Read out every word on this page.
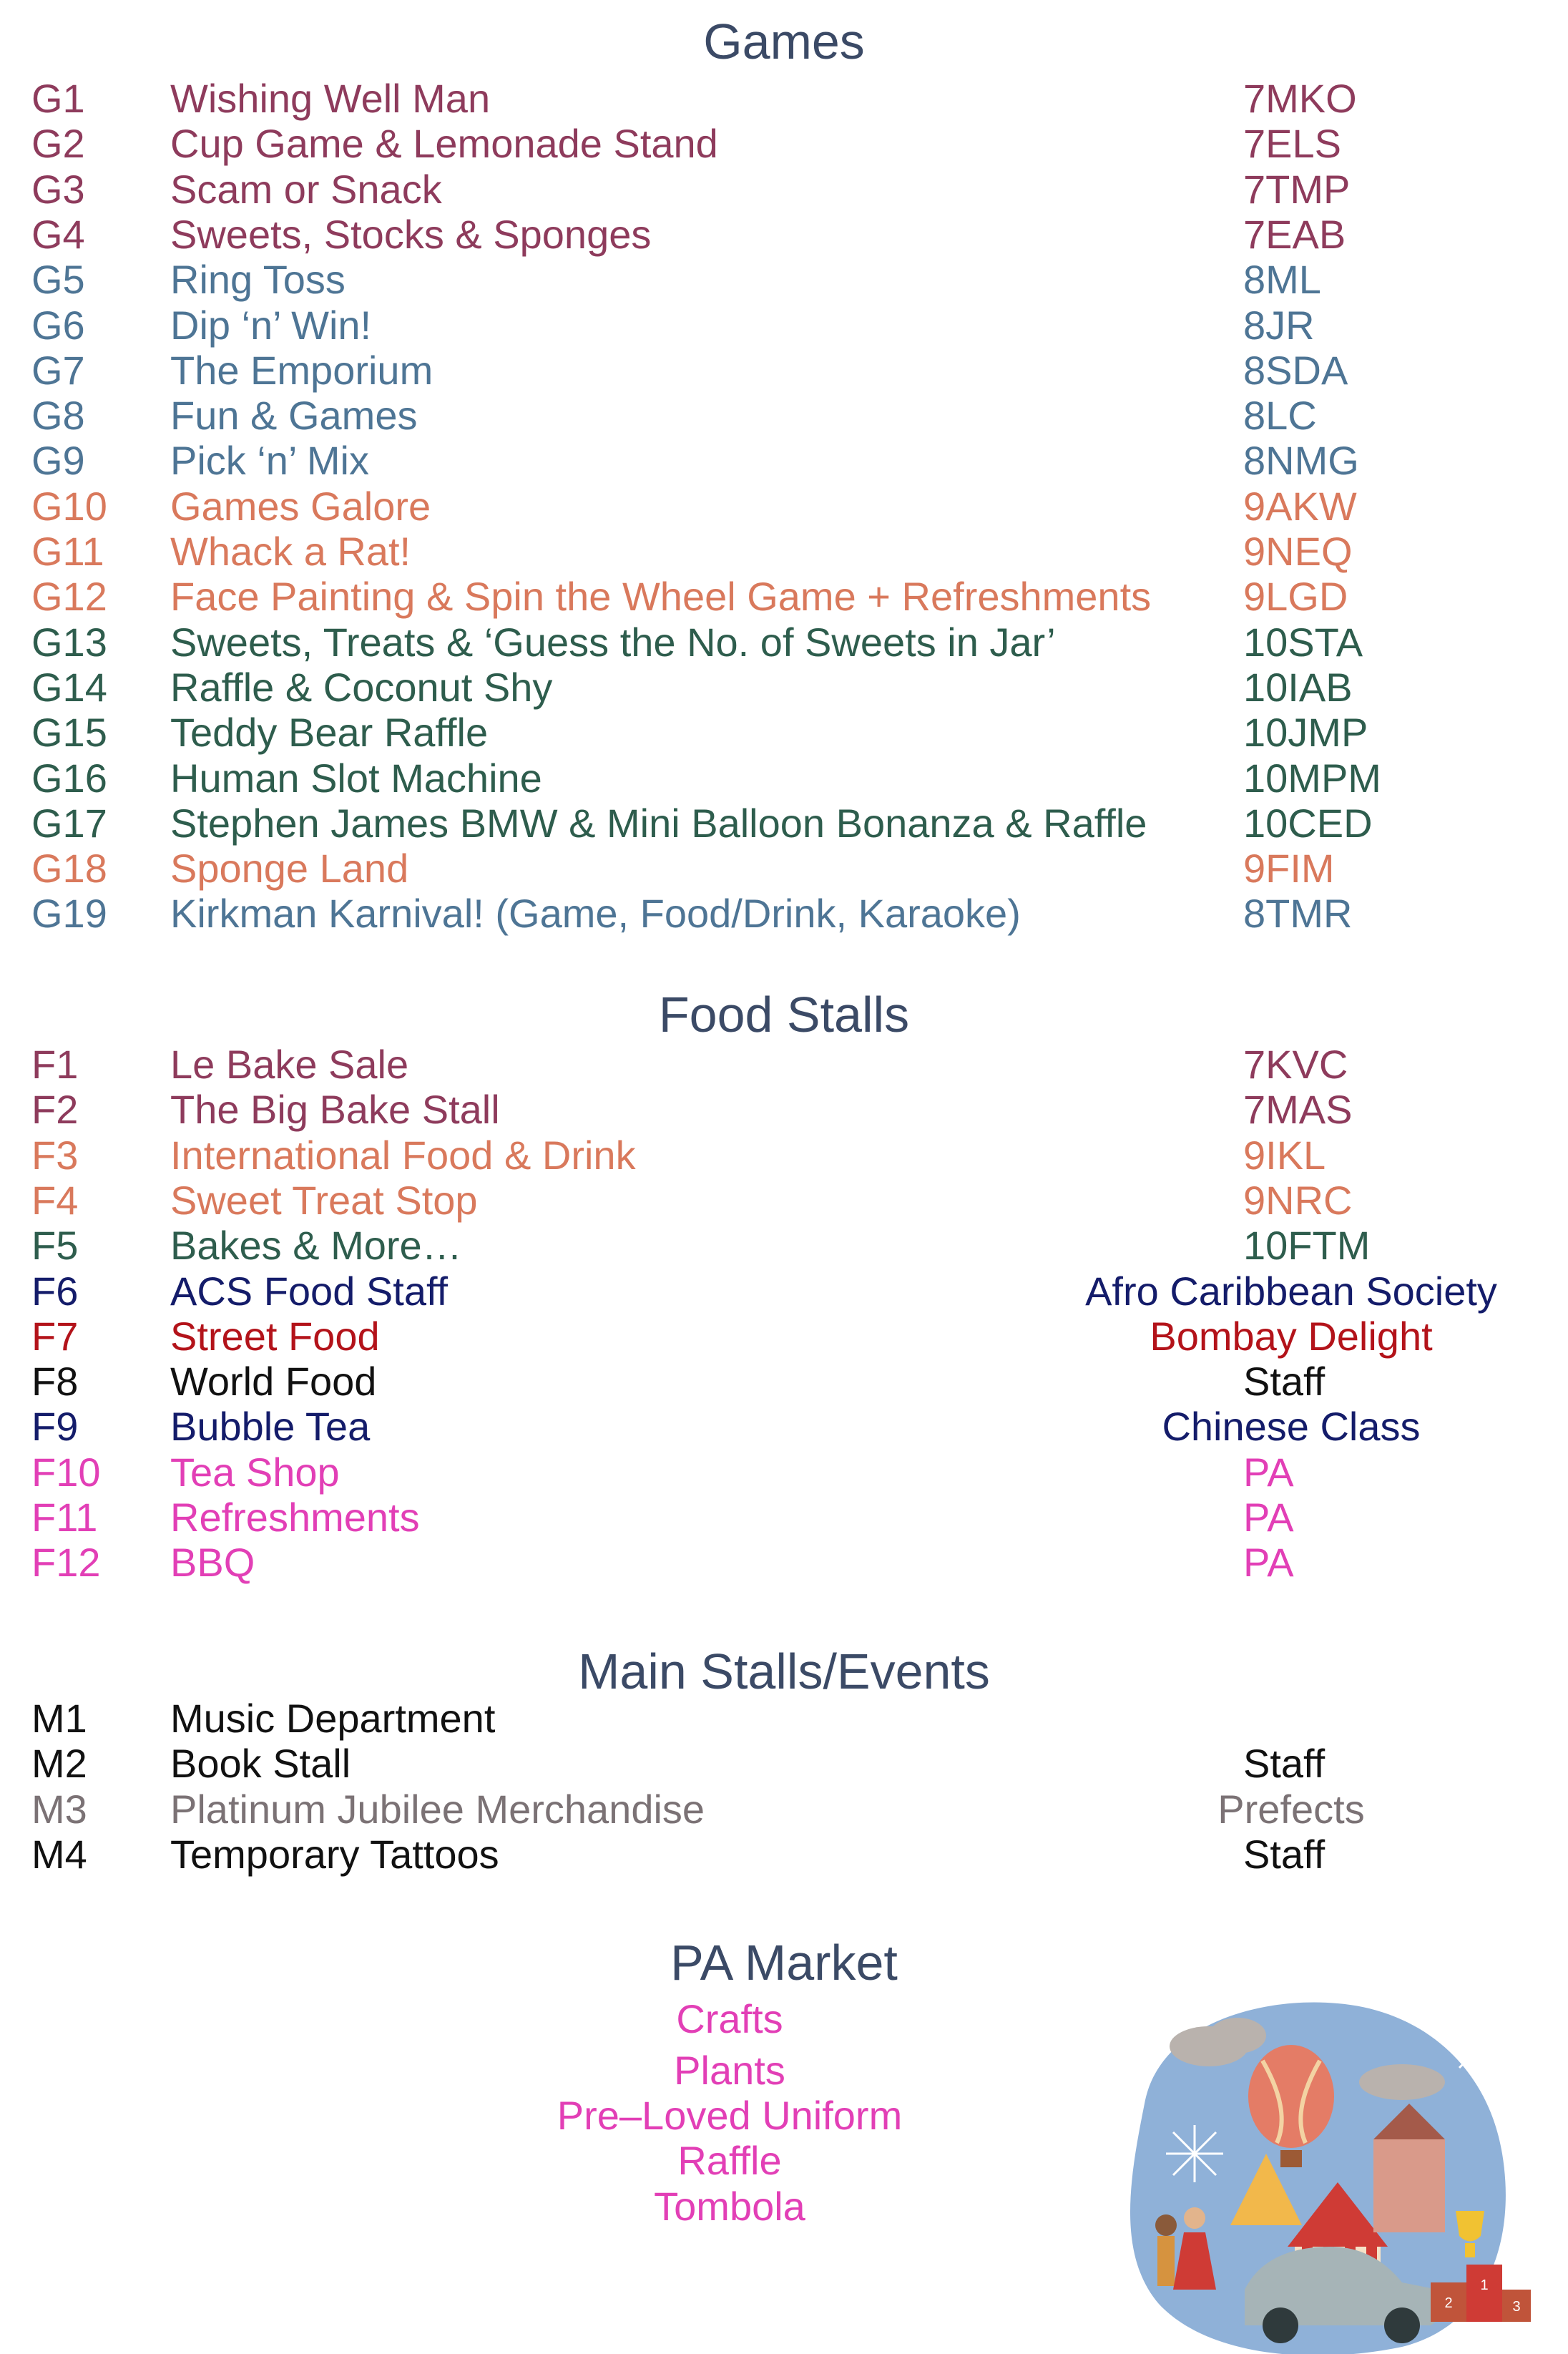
Games
G1 Wishing Well Man	7MKO
G2 Cup Game & Lemonade Stand	7ELS
G3 Scam or Snack	7TMP
G4 Sweets, Stocks & Sponges	7EAB
G5 Ring Toss	8ML
G6 Dip ‘n’ Win!	8JR
G7 The Emporium	8SDA
G8 Fun & Games	8LC
G9 Pick ‘n’ Mix	8NMG
G10 Games Galore	9AKW
G11 Whack a Rat!	9NEQ
G12 Face Painting & Spin the Wheel Game + Refreshments 9LGD
G13 Sweets, Treats & ‘Guess the No. of Sweets in Jar’	10STA
G14 Raffle & Coconut Shy	10IAB
G15 Teddy Bear Raffle	10JMP
G16 Human Slot Machine	10MPM
G17 Stephen James BMW & Mini Balloon Bonanza & Raffle 10CED
G18 Sponge Land	9FIM
G19 Kirkman Karnival! (Game, Food/Drink, Karaoke)	8TMR
Food Stalls
F1 Le Bake Sale	7KVC
F2 The Big Bake Stall	7MAS
F3 International Food & Drink	9IKL
F4 Sweet Treat Stop	9NRC
F5 Bakes & More…	10FTM
F6 ACS Food Staff	Afro Caribbean Society
F7 Street Food	Bombay Delight
F8 World Food	Staff
F9 Bubble Tea	Chinese Class
F10 Tea Shop	PA
F11 Refreshments	PA
F12 BBQ	PA
Main Stalls/Events
M1 Music Department
M2 Book Stall	Staff
M3 Platinum Jubilee Merchandise	Prefects
M4 Temporary Tattoos	Staff
PA Market
Crafts
Plants
Pre–Loved Uniform
Raffle
Tombola
2
1
3
